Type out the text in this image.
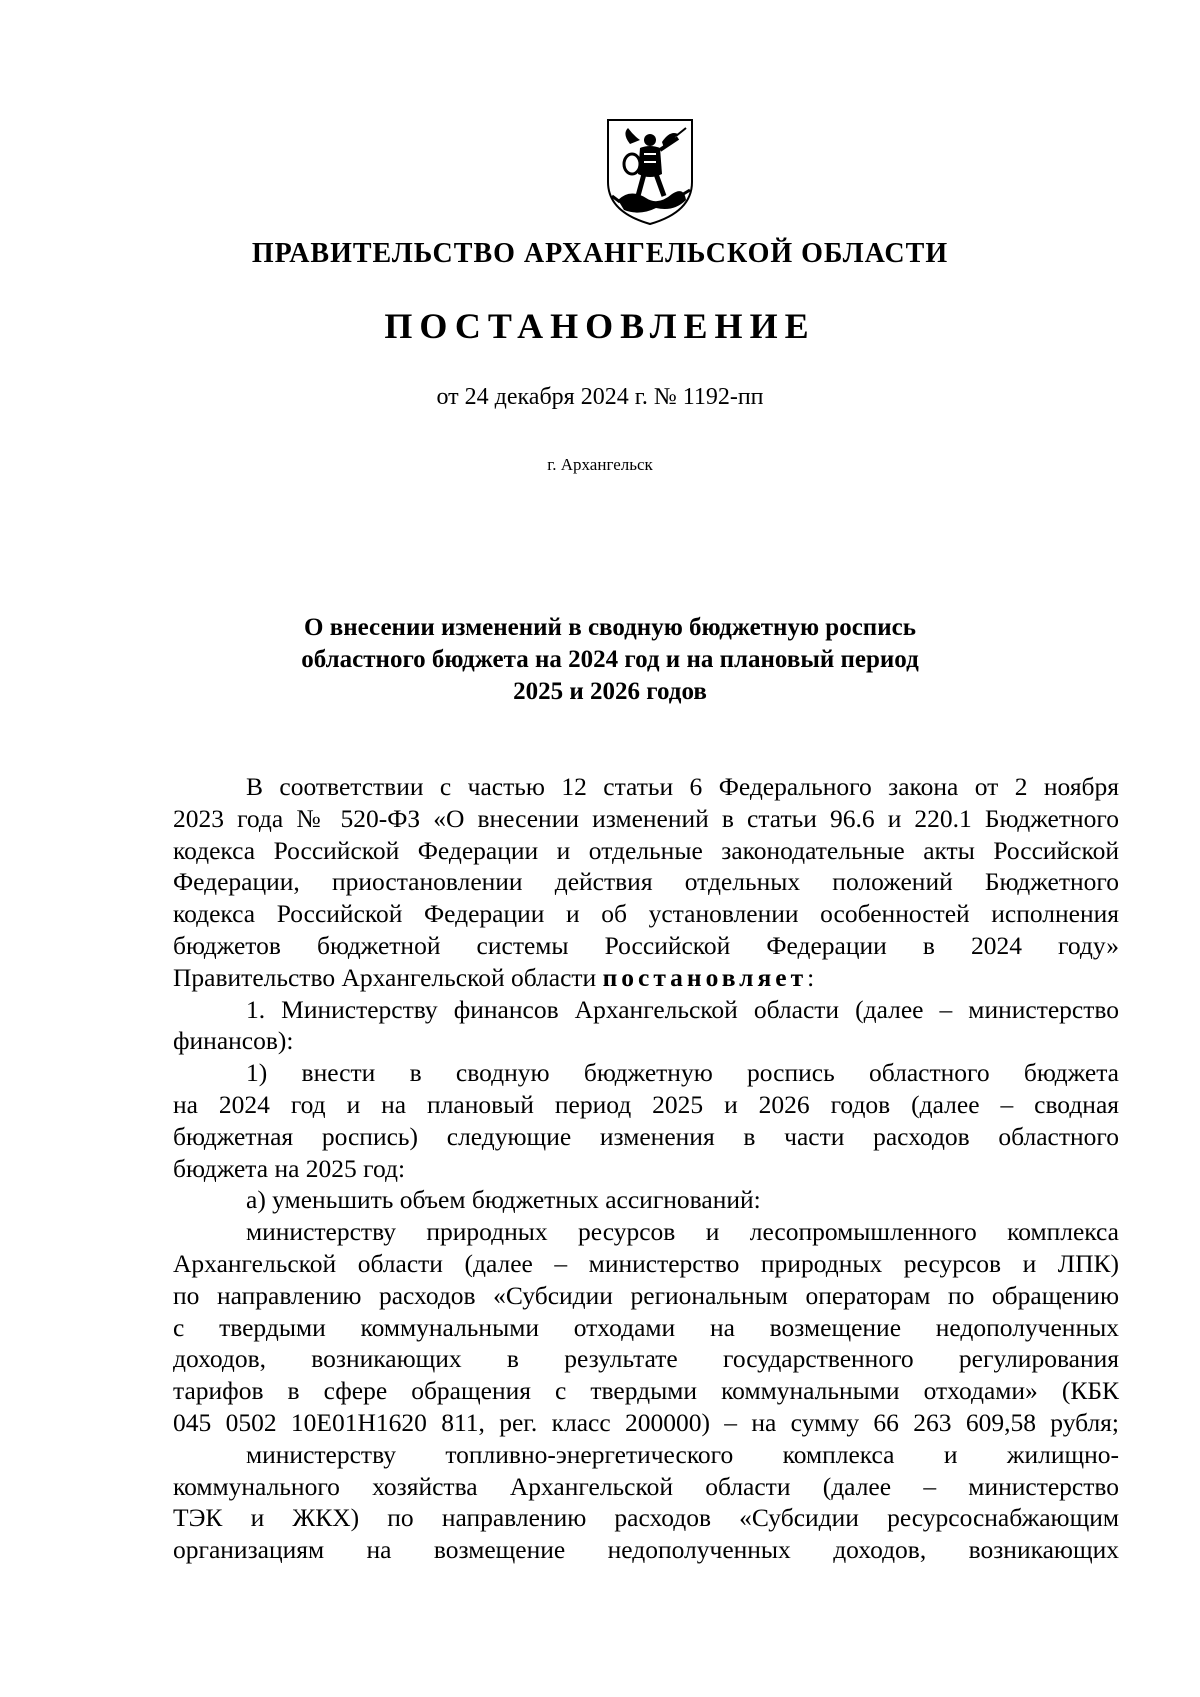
ПРАВИТЕЛЬСТВО АРХАНГЕЛЬСКОЙ ОБЛАСТИ
ПОСТАНОВЛЕНИЕ
от 24 декабря 2024 г. № 1192-пп
г. Архангельск
О внесении изменений в сводную бюджетную роспись
областного бюджета на 2024 год и на плановый период
2025 и 2026 годов
В соответствии с частью 12 статьи 6 Федерального закона от 2 ноября
2023 года № 520-ФЗ «О внесении изменений в статьи 96.6 и 220.1 Бюджетного
кодекса Российской Федерации и отдельные законодательные акты Российской
Федерации, приостановлении действия отдельных положений Бюджетного
кодекса Российской Федерации и об установлении особенностей исполнения
бюджетов бюджетной системы Российской Федерации в 2024 году»
Правительство Архангельской области постановляет:
1. Министерству финансов Архангельской области (далее – министерство
финансов):
1) внести в сводную бюджетную роспись областного бюджета
на 2024 год и на плановый период 2025 и 2026 годов (далее – сводная
бюджетная роспись) следующие изменения в части расходов областного
бюджета на 2025 год:
а) уменьшить объем бюджетных ассигнований:
министерству природных ресурсов и лесопромышленного комплекса
Архангельской области (далее – министерство природных ресурсов и ЛПК)
по направлению расходов «Субсидии региональным операторам по обращению
с твердыми коммунальными отходами на возмещение недополученных
доходов, возникающих в результате государственного регулирования
тарифов в сфере обращения с твердыми коммунальными отходами» (КБК
045 0502 10Е01Н1620 811, рег. класс 200000) – на сумму 66 263 609,58 рубля;
министерству топливно-энергетического комплекса и жилищно-
коммунального хозяйства Архангельской области (далее – министерство
ТЭК и ЖКХ) по направлению расходов «Субсидии ресурсоснабжающим
организациям на возмещение недополученных доходов, возникающих
